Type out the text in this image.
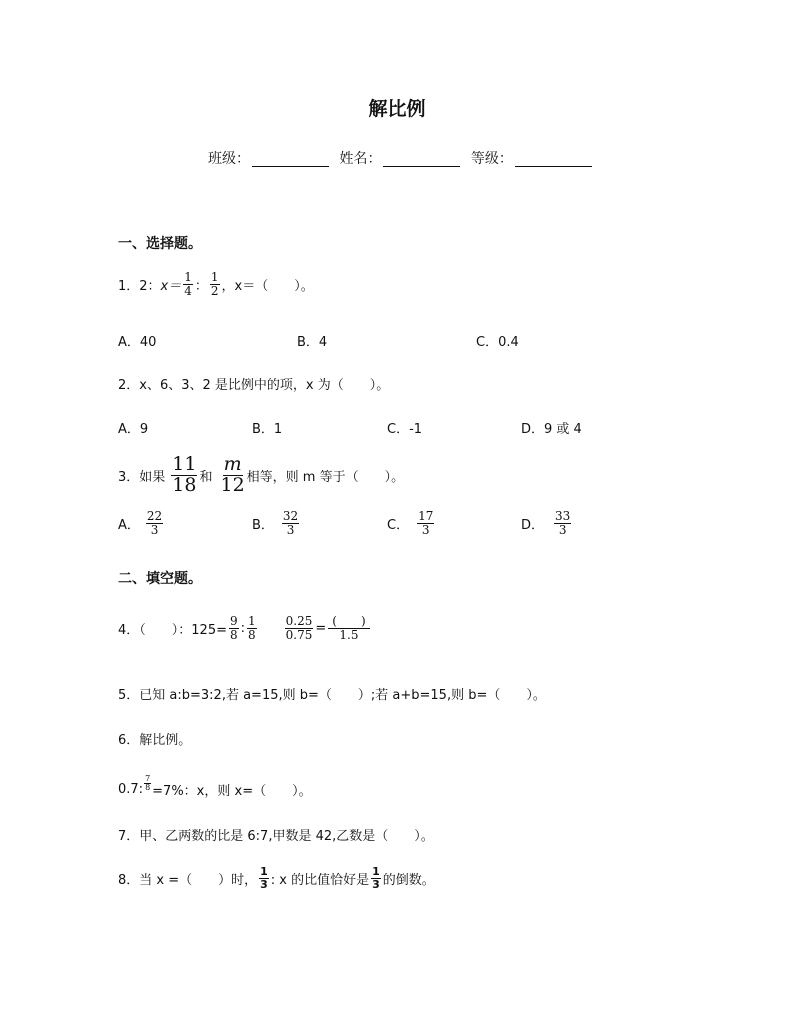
解比例
班级：	姓名：	等级：
一、选择题。
1．2： $x= \frac{1}{4}$ ： $\frac{1}{2}$ ，x＝（　　）。
A．40	B．4	C．0.4
2．x、6、3、2 是比例中的项，x 为（　　）。
A．9	B．1	C．-1	D．9 或 4
3．如果 $\frac{11}{18}$ 和 $\frac{m}{12}$ 相等，则 m 等于（　　）。
A． $\frac{22}{3}$	B． $\frac{32}{3}$	C． $\frac{17}{3}$	D． $\frac{33}{3}$
二、填空题。
4．（　　）：$125= \frac{9}{8}$ : $\frac{1}{8} \frac{0.25}{0.75} = \frac{( )}{1.5}$
5．已知 a:b=3:2,若 a=15,则 b=（　　）;若 a+b=15,则 b=（　　）。
6．解比例。
0.7: $\frac{7}{8} =7\%$：x，则 x=（　　）。
7．甲、乙两数的比是 6:7,甲数是 42,乙数是（　　）。
8．当 x =（　　）时， $\frac{1}{3}$ : x 的比值恰好是 $\frac{1}{3}$ 的倒数。
